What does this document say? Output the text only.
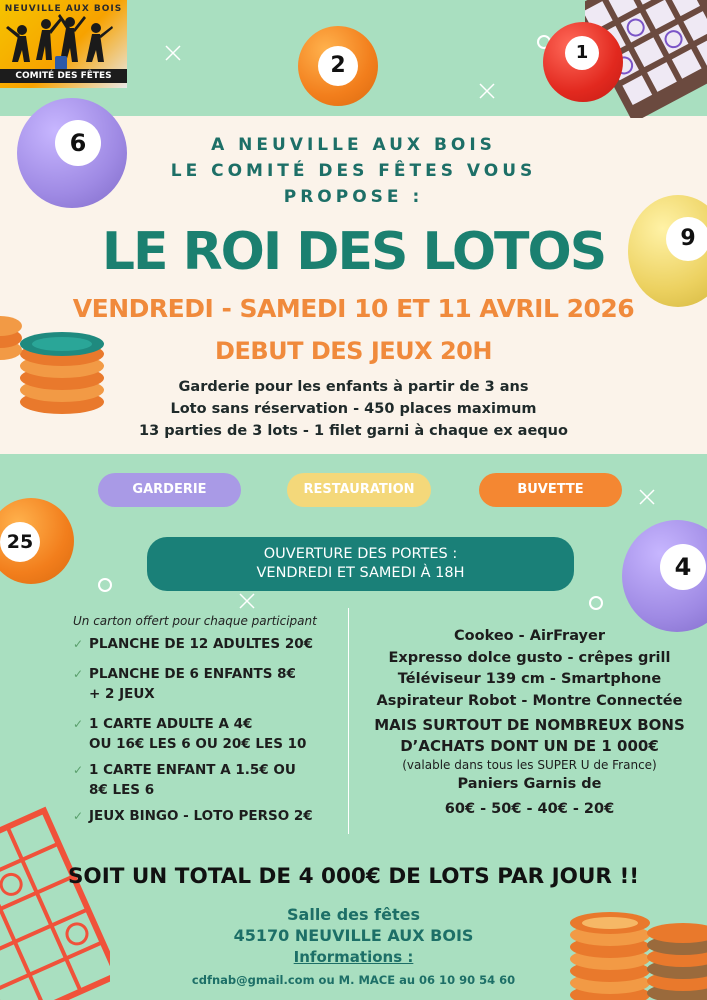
NEUVILLE AUX BOIS
COMITÉ DES FÊTES	2
1
6
9
25
4
A NEUVILLE AUX BOIS
LE COMITÉ DES FÊTES VOUS
PROPOSE :
LE ROI DES LOTOS
VENDREDI - SAMEDI 10 ET 11 AVRIL 2026
DEBUT DES JEUX 20H
Garderie pour les enfants à partir de 3 ans
Loto sans réservation - 450 places maximum
13 parties de 3 lots - 1 filet garni à chaque ex aequo
GARDERIE	RESTAURATION	BUVETTE
OUVERTURE DES PORTES :
VENDREDI ET SAMEDI À 18H
Un carton offert pour chaque participant
✓ PLANCHE DE 12 ADULTES 20€
✓ PLANCHE DE 6 ENFANTS 8€
+ 2 JEUX
✓ 1 CARTE ADULTE A 4€
OU 16€ LES 6 OU 20€ LES 10
✓ 1 CARTE ENFANT A 1.5€ OU
8€ LES 6
✓ JEUX BINGO - LOTO PERSO 2€
Cookeo - AirFrayer
Expresso dolce gusto - crêpes grill
Téléviseur 139 cm - Smartphone
Aspirateur Robot - Montre Connectée
MAIS SURTOUT DE NOMBREUX BONS
D’ACHATS DONT UN DE 1 000€
(valable dans tous les SUPER U de France)
Paniers Garnis de
60€ - 50€ - 40€ - 20€
SOIT UN TOTAL DE 4 000€ DE LOTS PAR JOUR !!
Salle des fêtes
45170 NEUVILLE AUX BOIS
Informations :
cdfnab@gmail.com ou M. MACE au 06 10 90 54 60
